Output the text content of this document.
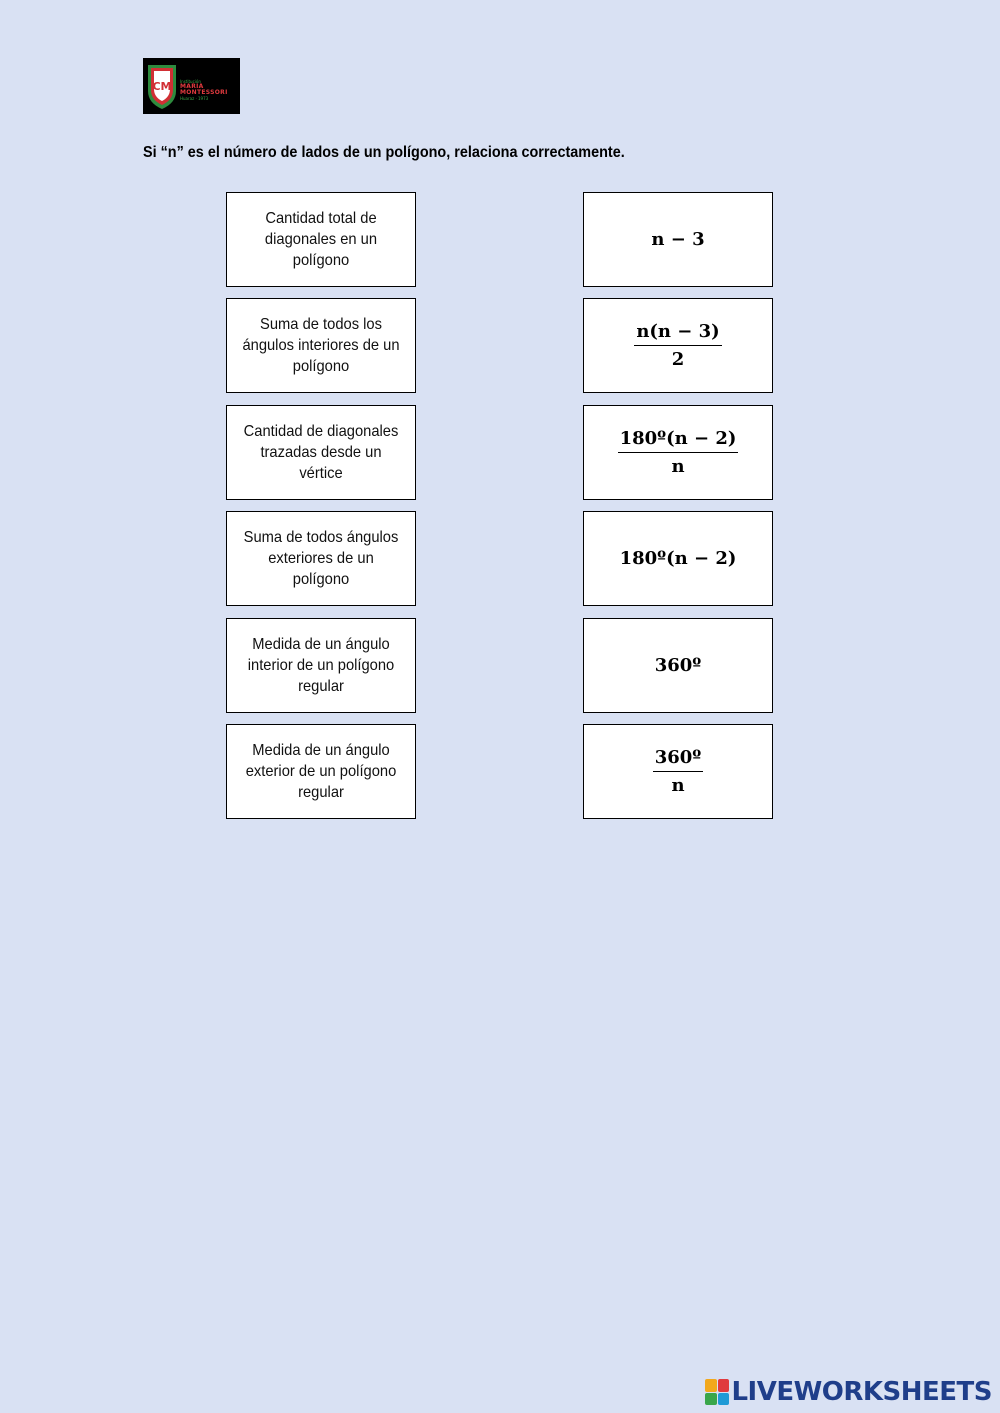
CM Institución
MARIA
MONTESSORI
Huaraz · 1973
Si “n” es el número de lados de un polígono, relaciona correctamente.
Cantidad total de diagonales en un polígono
Suma de todos los ángulos interiores de un polígono
Cantidad de diagonales trazadas desde un vértice
Suma de todos ángulos exteriores de un polígono
Medida de un ángulo interior de un polígono regular
Medida de un ángulo exterior de un polígono regular
n − 3
$\frac{n(n - 3)}{2}$
$\frac{\text{180º(n − 2)}}{n}$
180º(n − 2)
360º
$\frac{\text{360º}}{n}$
LIVEWORKSHEETS
